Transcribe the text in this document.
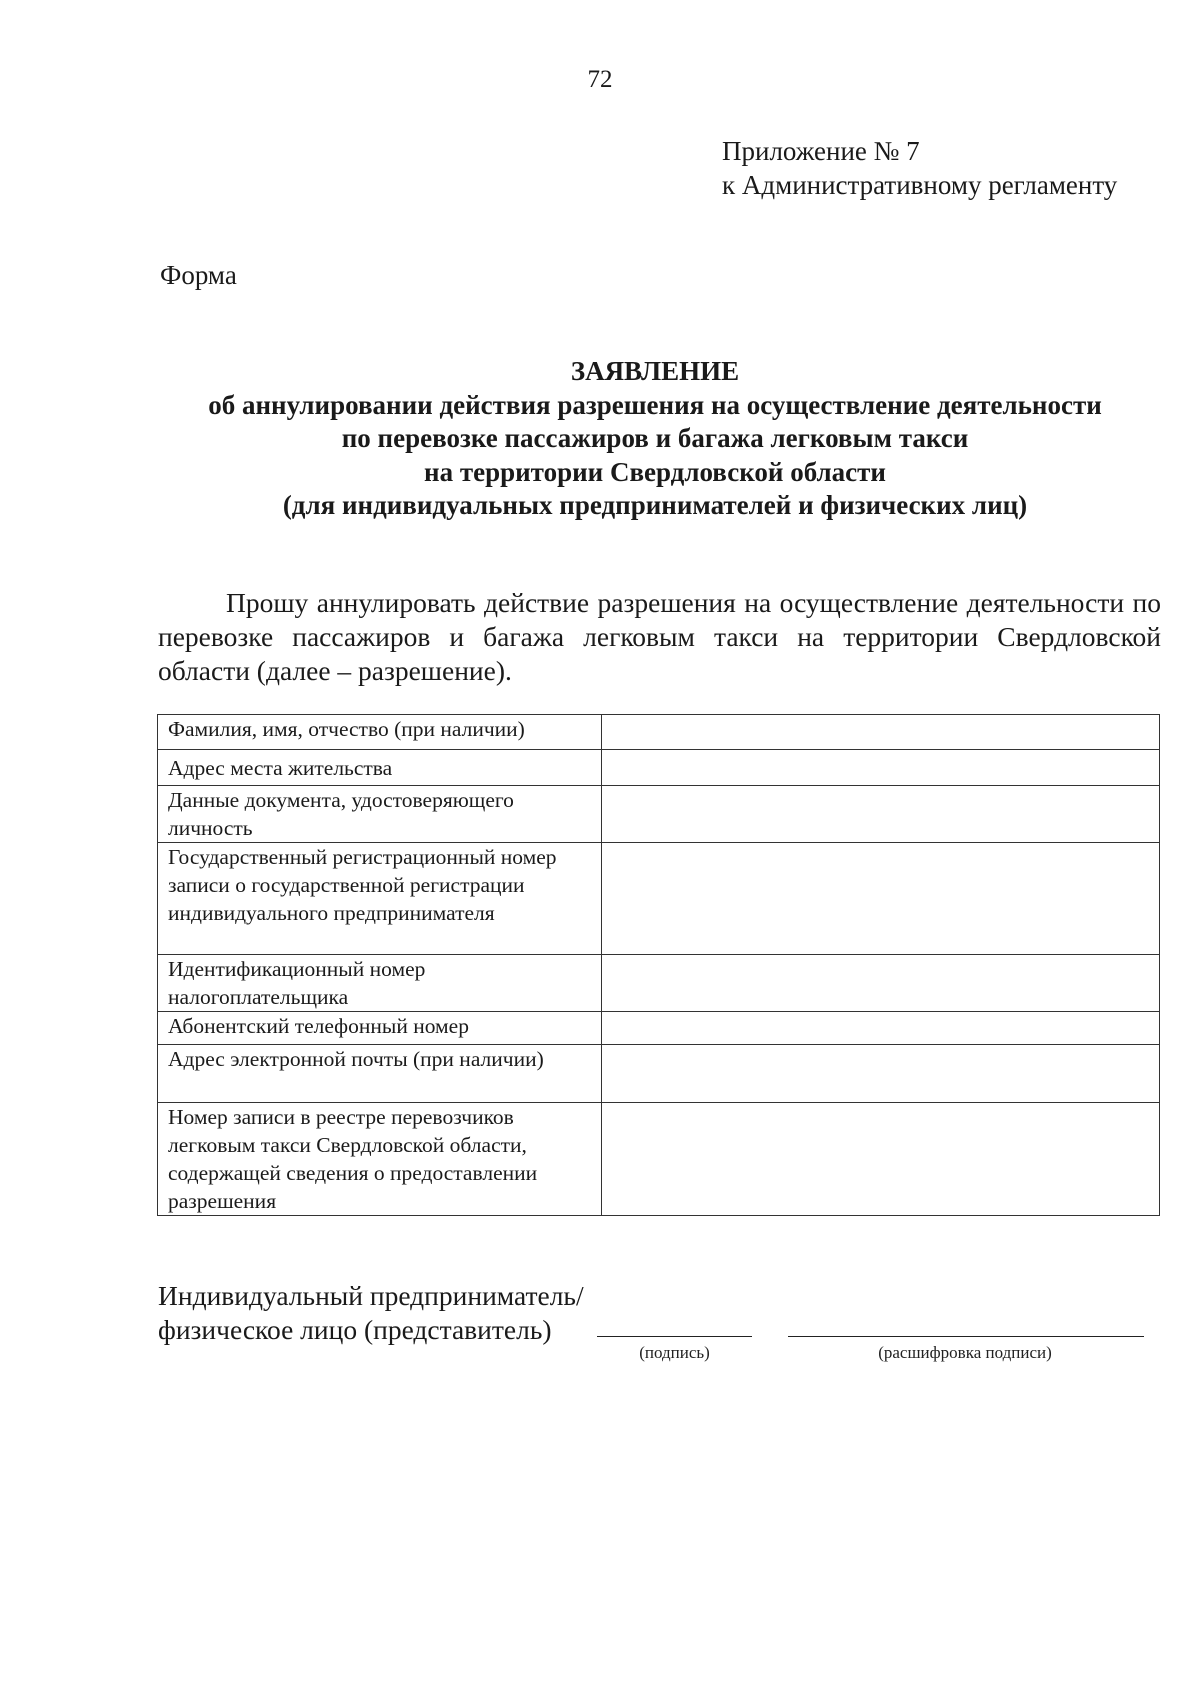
72
Приложение № 7
к Административному регламенту
Форма
ЗАЯВЛЕНИЕ
об аннулировании действия разрешения на осуществление деятельности
по перевозке пассажиров и багажа легковым такси
на территории Свердловской области
(для индивидуальных предпринимателей и физических лиц)
Прошу аннулировать действие разрешения на осуществление деятельности по перевозке пассажиров и багажа легковым такси на территории Свердловской области (далее – разрешение).
Фамилия, имя, отчество (при наличии)	
Адрес места жительства	
Данные документа, удостоверяющего личность	
Государственный регистрационный номер записи о государственной регистрации индивидуального предпринимателя	
Идентификационный номер налогоплательщика	
Абонентский телефонный номер	
Адрес электронной почты (при наличии)	
Номер записи в реестре перевозчиков легковым такси Свердловской области, содержащей сведения о предоставлении разрешения	
Индивидуальный предприниматель/
физическое лицо (представитель)
(подпись)	(расшифровка подписи)
